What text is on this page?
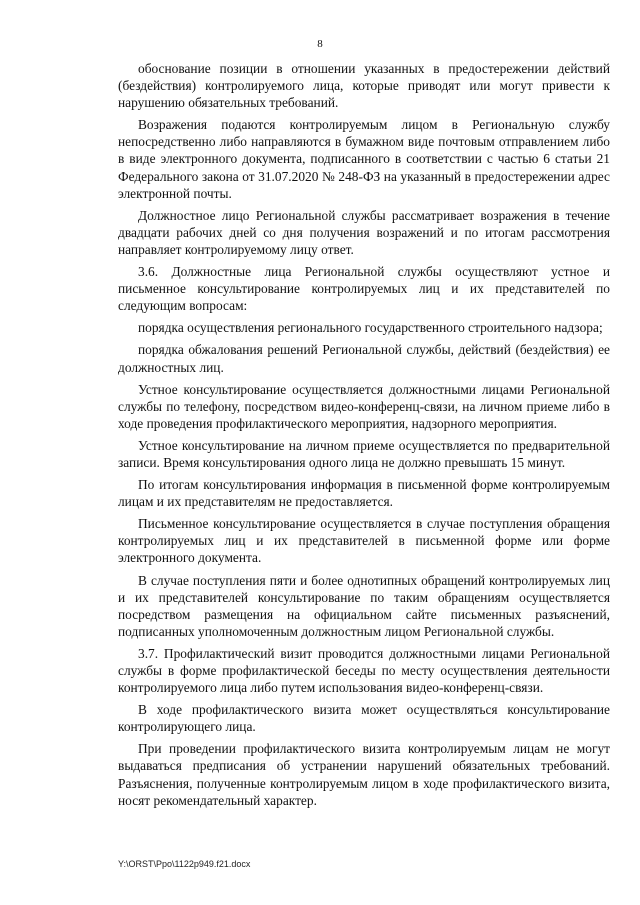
8

обоснование позиции в отношении указанных в предостережении действий (бездействия) контролируемого лица, которые приводят или могут привести к нарушению обязательных требований.

Возражения подаются контролируемым лицом в Региональную службу непосредственно либо направляются в бумажном виде почтовым отправлением либо в виде электронного документа, подписанного в соответствии с частью 6 статьи 21 Федерального закона от 31.07.2020 № 248-ФЗ на указанный в предостережении адрес электронной почты.

Должностное лицо Региональной службы рассматривает возражения в течение двадцати рабочих дней со дня получения возражений и по итогам рассмотрения направляет контролируемому лицу ответ.

3.6. Должностные лица Региональной службы осуществляют устное и письменное консультирование контролируемых лиц и их представителей по следующим вопросам:

порядка осуществления регионального государственного строительного надзора;

порядка обжалования решений Региональной службы, действий (бездействия) ее должностных лиц.

Устное консультирование осуществляется должностными лицами Региональной службы по телефону, посредством видео-конференц-связи, на личном приеме либо в ходе проведения профилактического мероприятия, надзорного мероприятия.

Устное консультирование на личном приеме осуществляется по предварительной записи. Время консультирования одного лица не должно превышать 15 минут.

По итогам консультирования информация в письменной форме контролируемым лицам и их представителям не предоставляется.

Письменное консультирование осуществляется в случае поступления обращения контролируемых лиц и их представителей в письменной форме или форме электронного документа.

В случае поступления пяти и более однотипных обращений контролируемых лиц и их представителей консультирование по таким обращениям осуществляется посредством размещения на официальном сайте письменных разъяснений, подписанных уполномоченным должностным лицом Региональной службы.

3.7. Профилактический визит проводится должностными лицами Региональной службы в форме профилактической беседы по месту осуществления деятельности контролируемого лица либо путем использования видео-конференц-связи.

В ходе профилактического визита может осуществляться консультирование контролирующего лица.

При проведении профилактического визита контролируемым лицам не могут выдаваться предписания об устранении нарушений обязательных требований. Разъяснения, полученные контролируемым лицом в ходе профилактического визита, носят рекомендательный характер.

Y:\ORST\Ppo\1122p949.f21.docx
